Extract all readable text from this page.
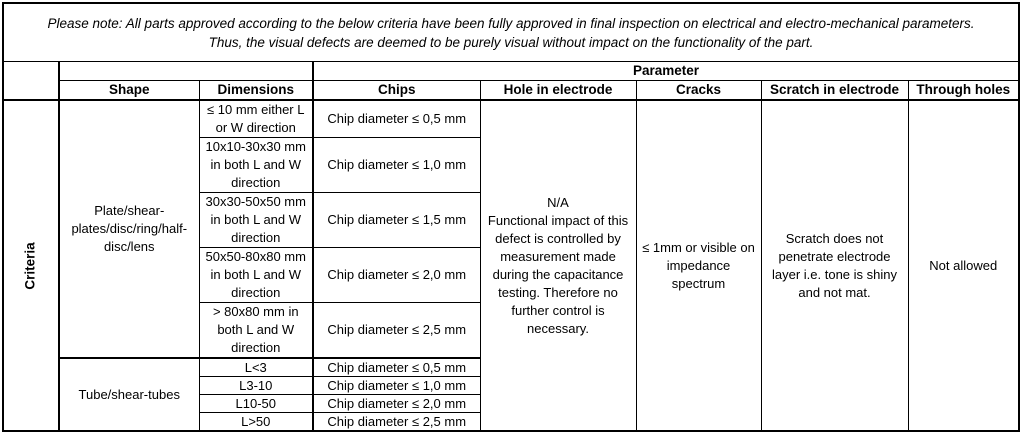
Please note: All parts approved according to the below criteria have been fully approved in final inspection on electrical and electro-mechanical parameters.
Thus, the visual defects are deemed to be purely visual without impact on the functionality of the part.							
			Parameter				
	Shape	Dimensions	Chips	Hole in electrode	Cracks	Scratch in electrode	Through holes
Criteria	Plate/shear-plates/disc/ring/half-disc/lens	≤ 10 mm either L or W direction	Chip diameter ≤ 0,5 mm	N/A
Functional impact of this defect is controlled by measurement made during the capacitance testing. Therefore no further control is necessary.	≤ 1mm or visible on impedance spectrum	Scratch does not penetrate electrode layer i.e. tone is shiny and not mat.	Not allowed
		10x10-30x30 mm in both L and W direction	Chip diameter ≤ 1,0 mm				
		30x30-50x50 mm in both L and W direction	Chip diameter ≤ 1,5 mm				
		50x50-80x80 mm in both L and W direction	Chip diameter ≤ 2,0 mm				
		> 80x80 mm in both L and W direction	Chip diameter ≤ 2,5 mm				
	Tube/shear-tubes	L<3	Chip diameter ≤ 0,5 mm				
		L3-10	Chip diameter ≤ 1,0 mm				
		L10-50	Chip diameter ≤ 2,0 mm				
		L>50	Chip diameter ≤ 2,5 mm				
